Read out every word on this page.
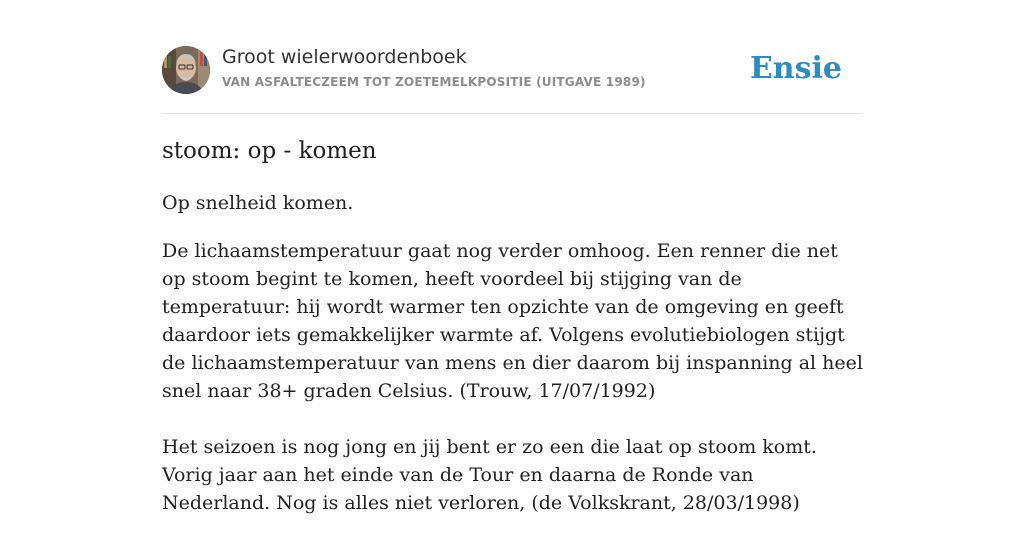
Groot wielerwoordenboek
VAN ASFALTECZEEM TOT ZOETEMELKPOSITIE (UITGAVE 1989)	Ensie
stoom: op - komen
Op snelheid komen.

De lichaamstemperatuur gaat nog verder omhoog. Een renner die net op stoom begint te komen, heeft voordeel bij stijging van de temperatuur: hij wordt warmer ten opzichte van de omgeving en geeft daardoor iets gemakkelijker warmte af. Volgens evolutiebiologen stijgt de lichaamstemperatuur van mens en dier daarom bij inspanning al heel snel naar 38+ graden Celsius. (Trouw, 17/07/1992)

Het seizoen is nog jong en jij bent er zo een die laat op stoom komt. Vorig jaar aan het einde van de Tour en daarna de Ronde van Nederland. Nog is alles niet verloren, (de Volkskrant, 28/03/1998)
